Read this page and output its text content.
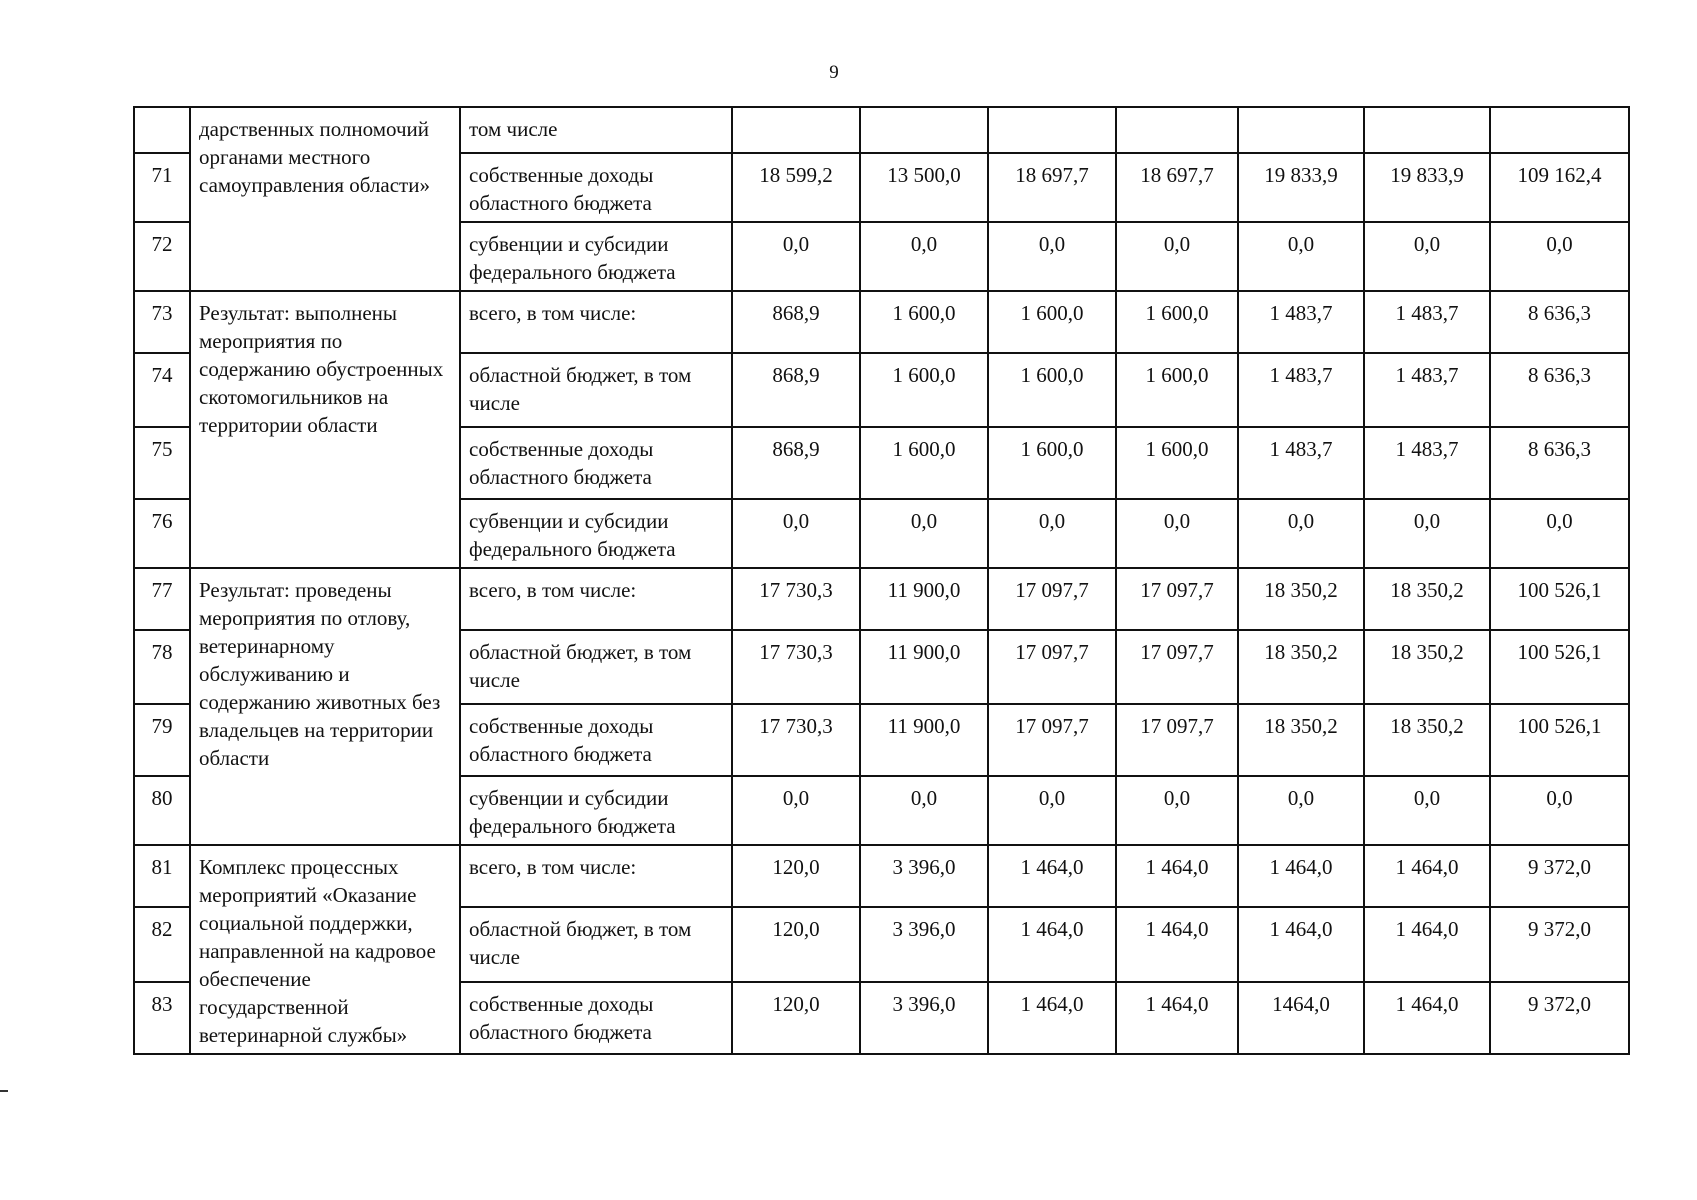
9
	дарственных полномочий органами местного самоуправления области»	том числе							
71		собственные доходы областного бюджета	18 599,2	13 500,0	18 697,7	18 697,7	19 833,9	19 833,9	109 162,4
72		субвенции и субсидии федерального бюджета	0,0	0,0	0,0	0,0	0,0	0,0	0,0
73	Результат: выполнены мероприятия по содержанию обустроенных скотомогильников на территории области	всего, в том числе:	868,9	1 600,0	1 600,0	1 600,0	1 483,7	1 483,7	8 636,3
74		областной бюджет, в том числе	868,9	1 600,0	1 600,0	1 600,0	1 483,7	1 483,7	8 636,3
75		собственные доходы областного бюджета	868,9	1 600,0	1 600,0	1 600,0	1 483,7	1 483,7	8 636,3
76		субвенции и субсидии федерального бюджета	0,0	0,0	0,0	0,0	0,0	0,0	0,0
77	Результат: проведены мероприятия по отлову, ветеринарному обслуживанию и содержанию животных без владельцев на территории области	всего, в том числе:	17 730,3	11 900,0	17 097,7	17 097,7	18 350,2	18 350,2	100 526,1
78		областной бюджет, в том числе	17 730,3	11 900,0	17 097,7	17 097,7	18 350,2	18 350,2	100 526,1
79		собственные доходы областного бюджета	17 730,3	11 900,0	17 097,7	17 097,7	18 350,2	18 350,2	100 526,1
80		субвенции и субсидии федерального бюджета	0,0	0,0	0,0	0,0	0,0	0,0	0,0
81	Комплекс процессных мероприятий «Оказание социальной поддержки, направленной на кадровое обеспечение государственной ветеринарной службы»	всего, в том числе:	120,0	3 396,0	1 464,0	1 464,0	1 464,0	1 464,0	9 372,0
82		областной бюджет, в том числе	120,0	3 396,0	1 464,0	1 464,0	1 464,0	1 464,0	9 372,0
83		собственные доходы областного бюджета	120,0	3 396,0	1 464,0	1 464,0	1464,0	1 464,0	9 372,0
